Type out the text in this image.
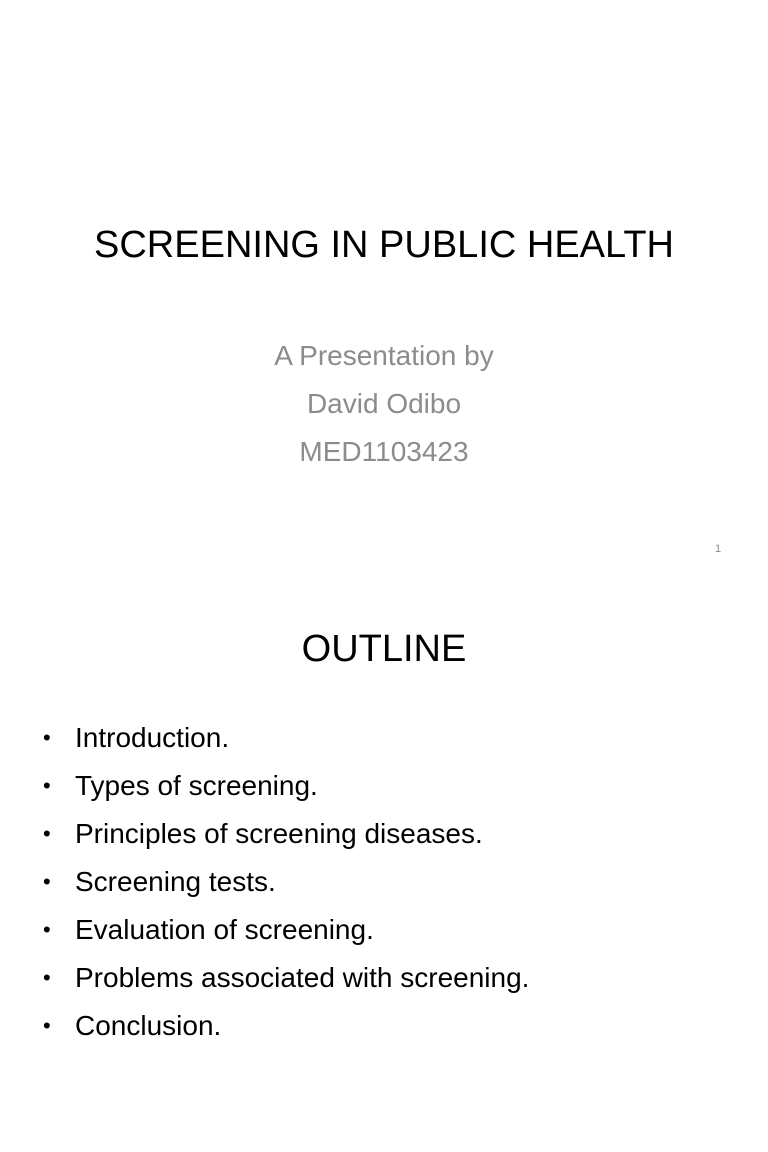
SCREENING IN PUBLIC HEALTH
A Presentation by
David Odibo
MED1103423
1
OUTLINE
• Introduction.
• Types of screening.
• Principles of screening diseases.
• Screening tests.
• Evaluation of screening.
• Problems associated with screening.
• Conclusion.
